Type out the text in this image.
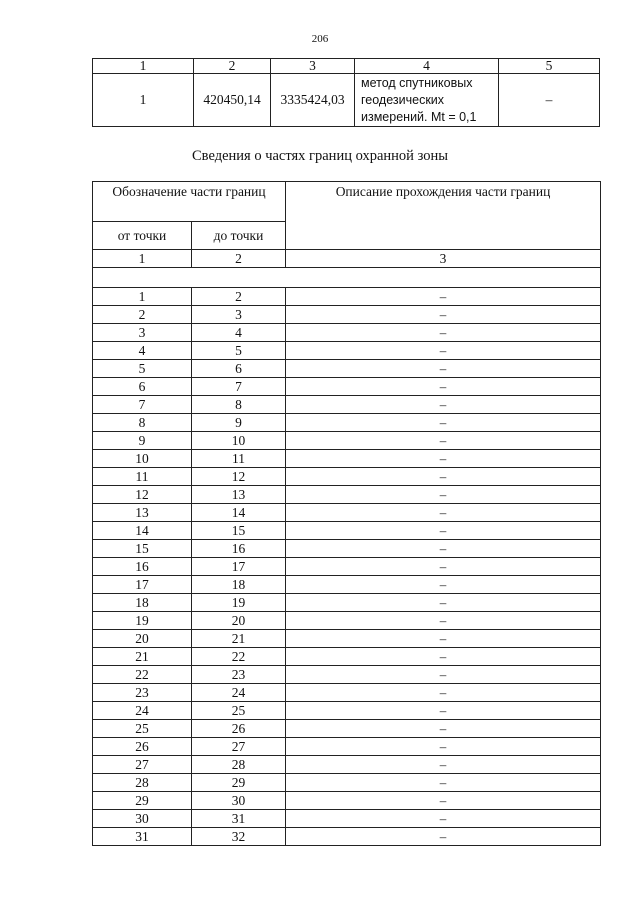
206
1	2	3	4	5
1	420450,14	3335424,03	метод спутниковых
геодезических
измерений. Mt = 0,1	–
Сведения о частях границ охранной зоны
Обозначение части границ		Описание прохождения части границ
от точки	до точки	
1	2	3

1	2	–
2	3	–
3	4	–
4	5	–
5	6	–
6	7	–
7	8	–
8	9	–
9	10	–
10	11	–
11	12	–
12	13	–
13	14	–
14	15	–
15	16	–
16	17	–
17	18	–
18	19	–
19	20	–
20	21	–
21	22	–
22	23	–
23	24	–
24	25	–
25	26	–
26	27	–
27	28	–
28	29	–
29	30	–
30	31	–
31	32	–
